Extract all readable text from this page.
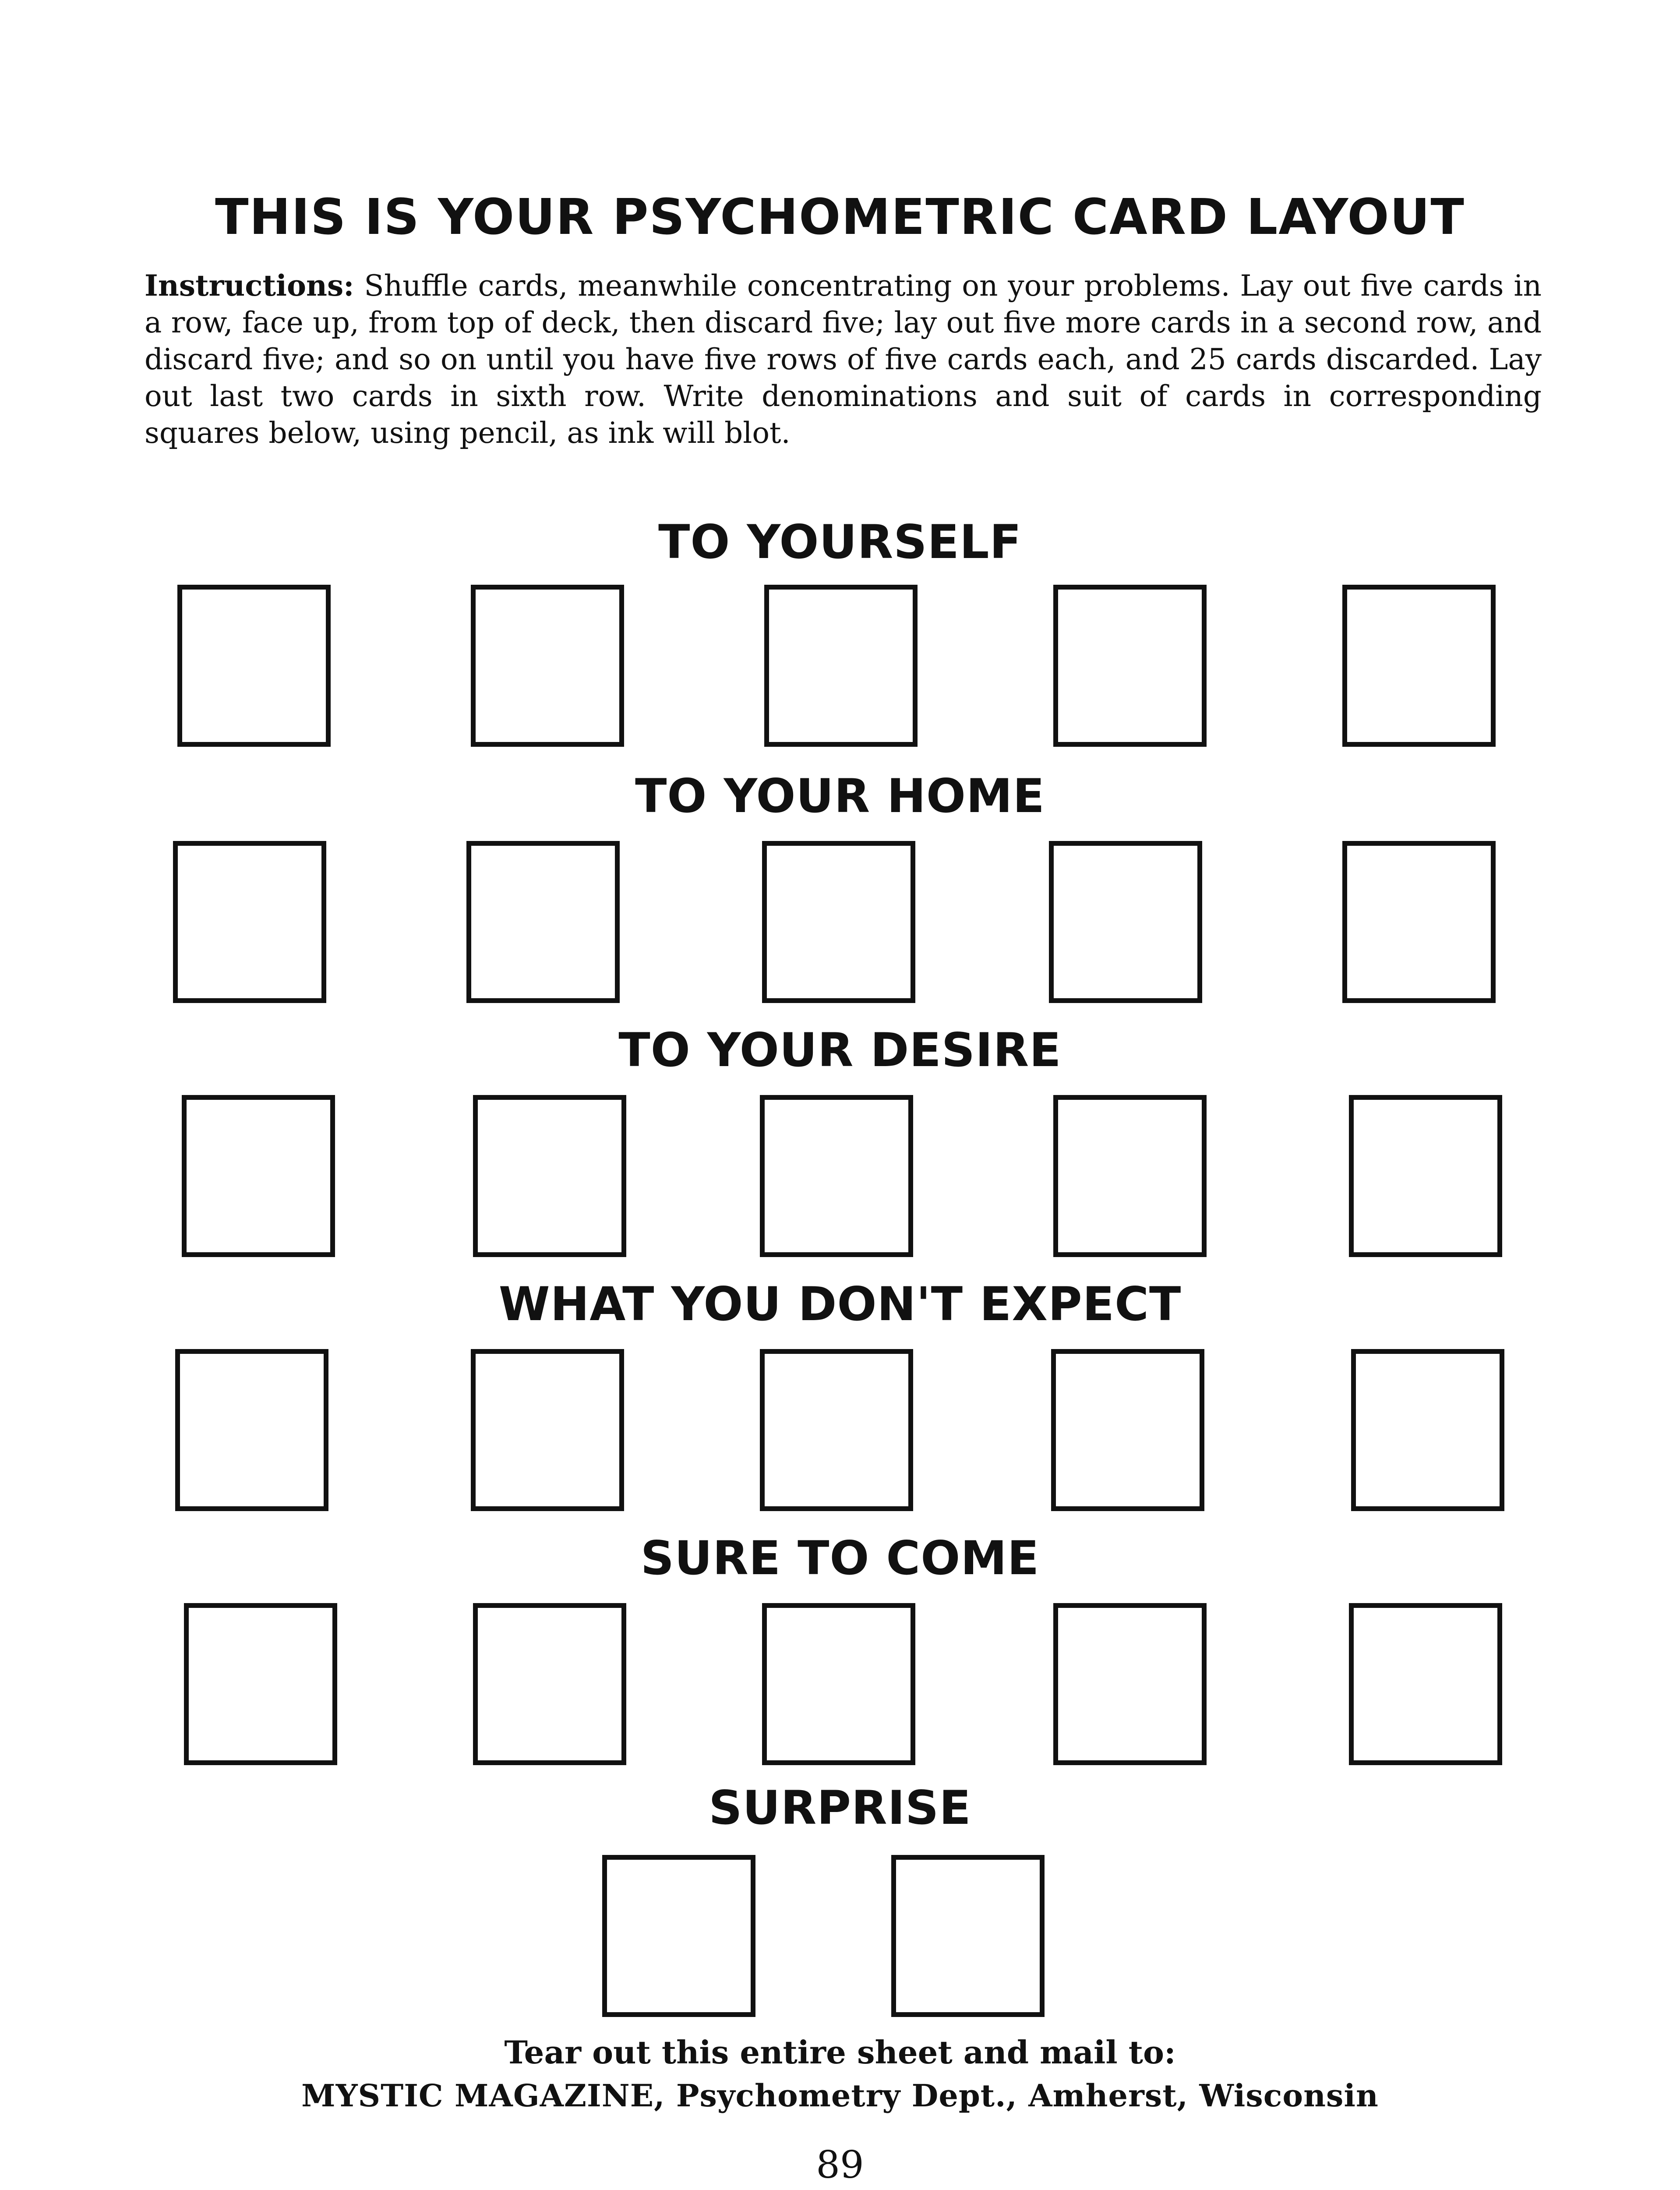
THIS IS YOUR PSYCHOMETRIC CARD LAYOUT

Instructions: Shuffle cards, meanwhile concentrating on your problems. Lay out five cards in a row, face up, from top of deck, then discard five; lay out five more cards in a second row, and discard five; and so on until you have five rows of five cards each, and 25 cards discarded. Lay out last two cards in sixth row. Write denominations and suit of cards in corresponding squares below, using pencil, as ink will blot.

TO YOURSELF
TO YOUR HOME
TO YOUR DESIRE
WHAT YOU DON'T EXPECT
SURE TO COME
SURPRISE

Tear out this entire sheet and mail to:

MYSTIC MAGAZINE, Psychometry Dept., Amherst, Wisconsin

89
